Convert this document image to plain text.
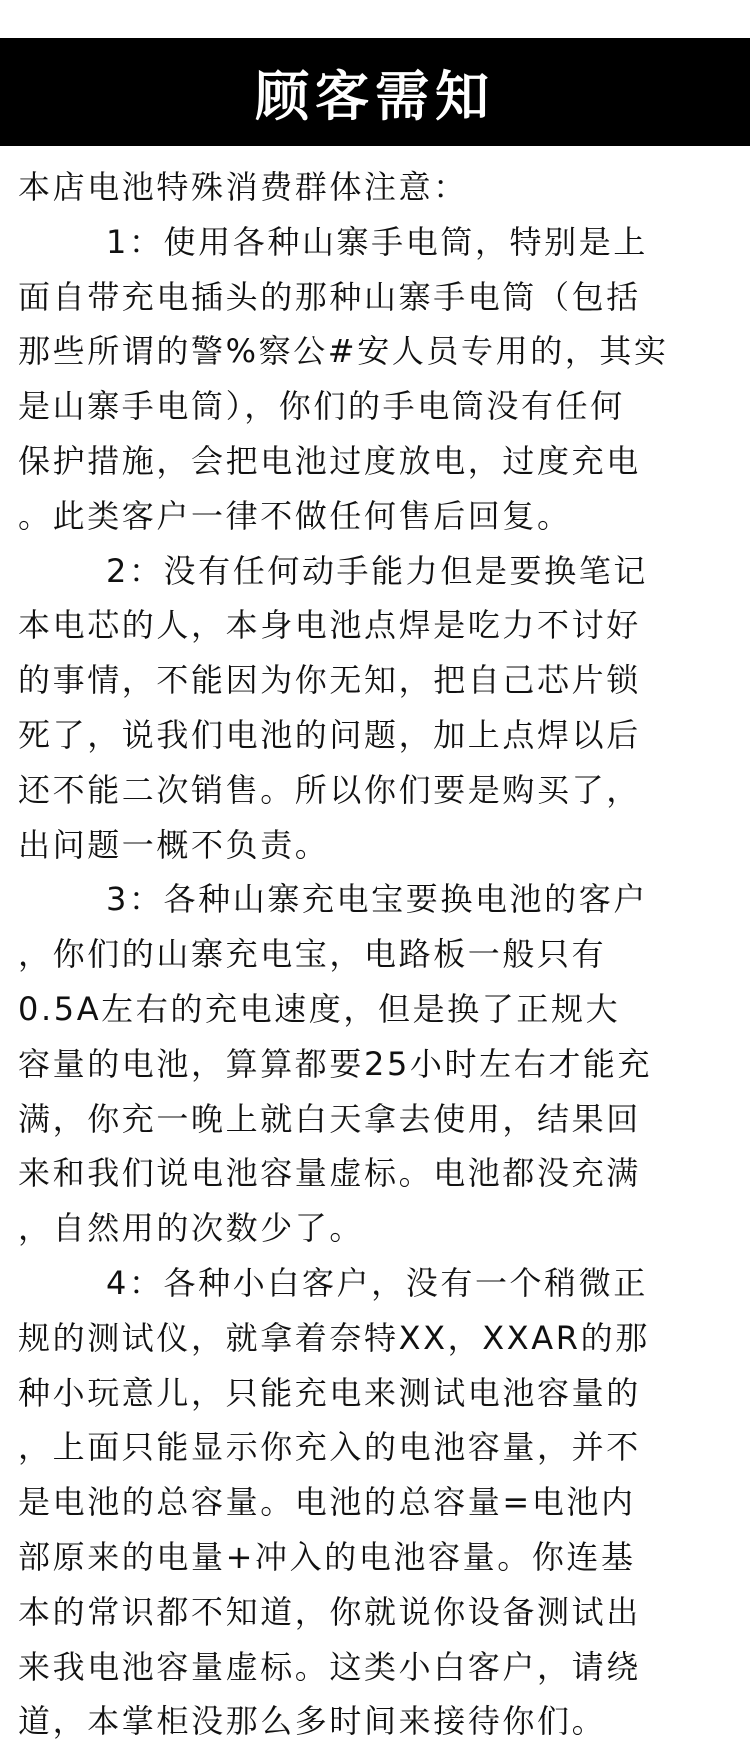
顾客需知
本店电池特殊消费群体注意：
1：使用各种山寨手电筒，特别是上
面自带充电插头的那种山寨手电筒（包括
那些所谓的警%察公#安人员专用的，其实
是山寨手电筒），你们的手电筒没有任何
保护措施，会把电池过度放电，过度充电
。此类客户一律不做任何售后回复。
2：没有任何动手能力但是要换笔记
本电芯的人，本身电池点焊是吃力不讨好
的事情，不能因为你无知，把自己芯片锁
死了，说我们电池的问题，加上点焊以后
还不能二次销售。所以你们要是购买了，
出问题一概不负责。
3：各种山寨充电宝要换电池的客户
，你们的山寨充电宝，电路板一般只有
0.5A左右的充电速度，但是换了正规大
容量的电池，算算都要25小时左右才能充
满，你充一晚上就白天拿去使用，结果回
来和我们说电池容量虚标。电池都没充满
，自然用的次数少了。
4：各种小白客户，没有一个稍微正
规的测试仪，就拿着奈特XX，XXAR的那
种小玩意儿，只能充电来测试电池容量的
，上面只能显示你充入的电池容量，并不
是电池的总容量。电池的总容量=电池内
部原来的电量+冲入的电池容量。你连基
本的常识都不知道，你就说你设备测试出
来我电池容量虚标。这类小白客户，请绕
道，本掌柜没那么多时间来接待你们。
